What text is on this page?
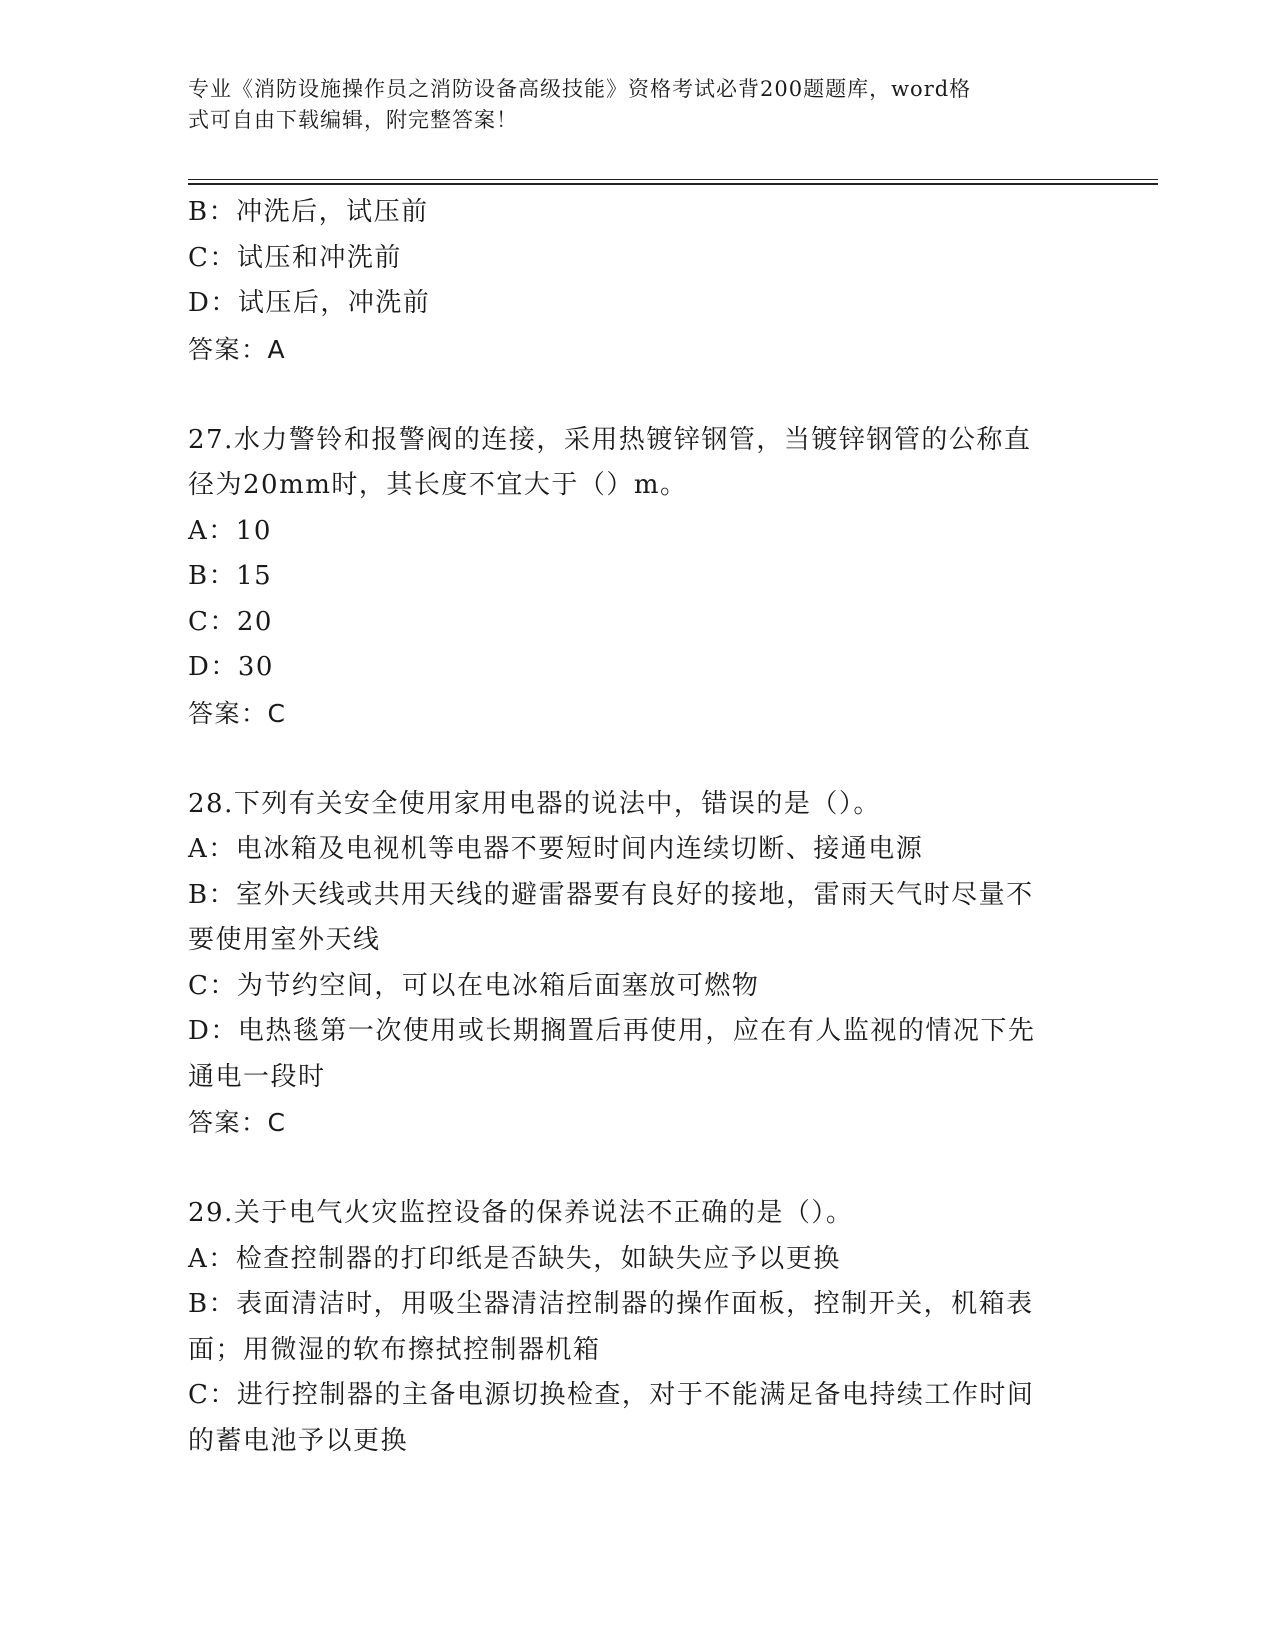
专业《消防设施操作员之消防设备高级技能》资格考试必背200题题库，word格
式可自由下载编辑，附完整答案！
B：冲洗后，试压前
C：试压和冲洗前
D：试压后，冲洗前
答案：A
27.水力警铃和报警阀的连接，采用热镀锌钢管，当镀锌钢管的公称直
径为20mm时，其长度不宜大于（）m。
A：10
B：15
C：20
D：30
答案：C
28.下列有关安全使用家用电器的说法中，错误的是（）。
A：电冰箱及电视机等电器不要短时间内连续切断、接通电源
B：室外天线或共用天线的避雷器要有良好的接地，雷雨天气时尽量不
要使用室外天线
C：为节约空间，可以在电冰箱后面塞放可燃物
D：电热毯第一次使用或长期搁置后再使用，应在有人监视的情况下先
通电一段时
答案：C
29.关于电气火灾监控设备的保养说法不正确的是（）。
A：检查控制器的打印纸是否缺失，如缺失应予以更换
B：表面清洁时，用吸尘器清洁控制器的操作面板，控制开关，机箱表
面；用微湿的软布擦拭控制器机箱
C：进行控制器的主备电源切换检查，对于不能满足备电持续工作时间
的蓄电池予以更换
